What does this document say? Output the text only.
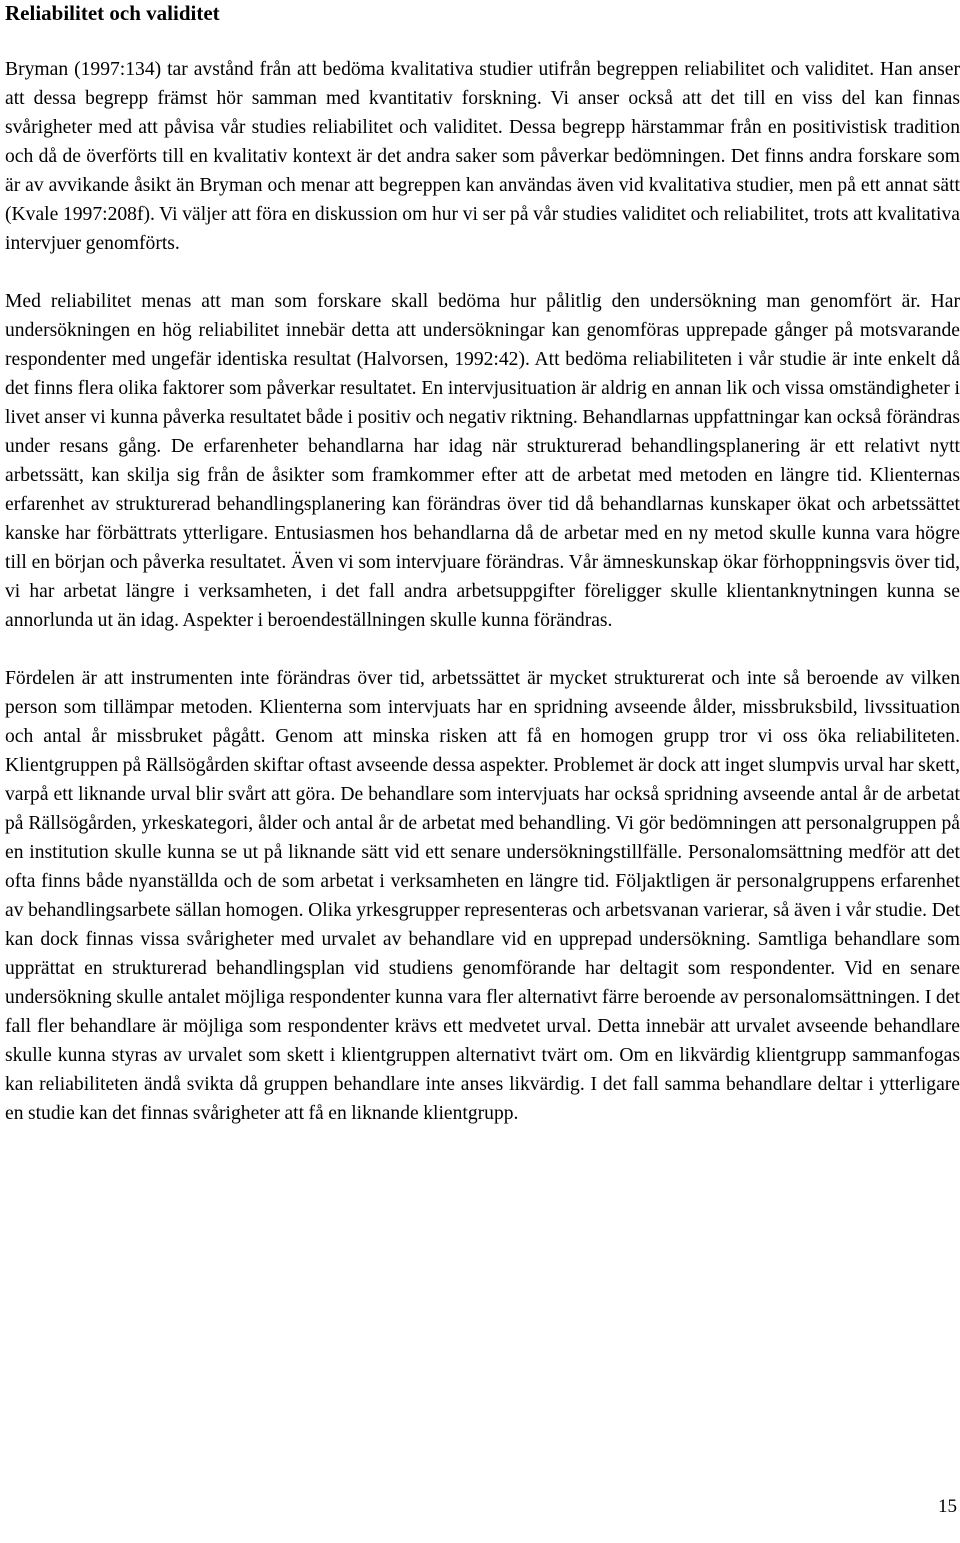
Reliabilitet och validitet

Bryman (1997:134) tar avstånd från att bedöma kvalitativa studier utifrån begreppen reliabilitet och validitet. Han anser att dessa begrepp främst hör samman med kvantitativ forskning. Vi anser också att det till en viss del kan finnas svårigheter med att påvisa vår studies reliabilitet och validitet. Dessa begrepp härstammar från en positivistisk tradition och då de överförts till en kvalitativ kontext är det andra saker som påverkar bedömningen. Det finns andra forskare som är av avvikande åsikt än Bryman och menar att begreppen kan användas även vid kvalitativa studier, men på ett annat sätt (Kvale 1997:208f). Vi väljer att föra en diskussion om hur vi ser på vår studies validitet och reliabilitet, trots att kvalitativa intervjuer genomförts.

Med reliabilitet menas att man som forskare skall bedöma hur pålitlig den undersökning man genomfört är. Har undersökningen en hög reliabilitet innebär detta att undersökningar kan genomföras upprepade gånger på motsvarande respondenter med ungefär identiska resultat (Halvorsen, 1992:42). Att bedöma reliabiliteten i vår studie är inte enkelt då det finns flera olika faktorer som påverkar resultatet. En intervjusituation är aldrig en annan lik och vissa omständigheter i livet anser vi kunna påverka resultatet både i positiv och negativ riktning. Behandlarnas uppfattningar kan också förändras under resans gång. De erfarenheter behandlarna har idag när strukturerad behandlingsplanering är ett relativt nytt arbetssätt, kan skilja sig från de åsikter som framkommer efter att de arbetat med metoden en längre tid. Klienternas erfarenhet av strukturerad behandlingsplanering kan förändras över tid då behandlarnas kunskaper ökat och arbetssättet kanske har förbättrats ytterligare. Entusiasmen hos behandlarna då de arbetar med en ny metod skulle kunna vara högre till en början och påverka resultatet. Även vi som intervjuare förändras. Vår ämneskunskap ökar förhoppningsvis över tid, vi har arbetat längre i verksamheten, i det fall andra arbetsuppgifter föreligger skulle klientanknytningen kunna se annorlunda ut än idag. Aspekter i beroendeställningen skulle kunna förändras.

Fördelen är att instrumenten inte förändras över tid, arbetssättet är mycket strukturerat och inte så beroende av vilken person som tillämpar metoden. Klienterna som intervjuats har en spridning avseende ålder, missbruksbild, livssituation och antal år missbruket pågått. Genom att minska risken att få en homogen grupp tror vi oss öka reliabiliteten. Klientgruppen på Rällsögården skiftar oftast avseende dessa aspekter. Problemet är dock att inget slumpvis urval har skett, varpå ett liknande urval blir svårt att göra. De behandlare som intervjuats har också spridning avseende antal år de arbetat på Rällsögården, yrkeskategori, ålder och antal år de arbetat med behandling. Vi gör bedömningen att personalgruppen på en institution skulle kunna se ut på liknande sätt vid ett senare undersökningstillfälle. Personalomsättning medför att det ofta finns både nyanställda och de som arbetat i verksamheten en längre tid. Följaktligen är personalgruppens erfarenhet av behandlingsarbete sällan homogen. Olika yrkesgrupper representeras och arbetsvanan varierar, så även i vår studie. Det kan dock finnas vissa svårigheter med urvalet av behandlare vid en upprepad undersökning. Samtliga behandlare som upprättat en strukturerad behandlingsplan vid studiens genomförande har deltagit som respondenter. Vid en senare undersökning skulle antalet möjliga respondenter kunna vara fler alternativt färre beroende av personalomsättningen. I det fall fler behandlare är möjliga som respondenter krävs ett medvetet urval. Detta innebär att urvalet avseende behandlare skulle kunna styras av urvalet som skett i klientgruppen alternativt tvärt om. Om en likvärdig klientgrupp sammanfogas kan reliabiliteten ändå svikta då gruppen behandlare inte anses likvärdig. I det fall samma behandlare deltar i ytterligare en studie kan det finnas svårigheter att få en liknande klientgrupp.

15
